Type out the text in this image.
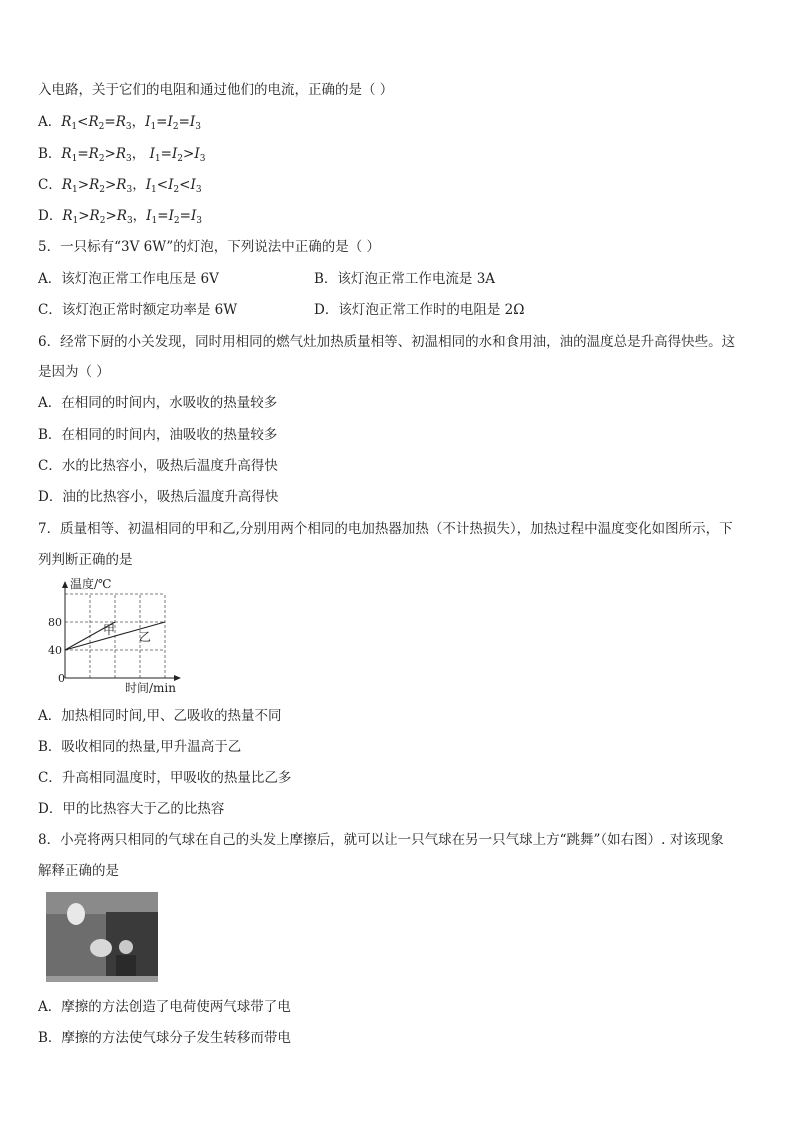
入电路，关于它们的电阻和通过他们的电流，正确的是（ ）
A．$R_1<R_2=R_3$，$I_1=I_2=I_3$
B．$R_1=R_2>R_3$， $I_1=I_2>I_3$
C．$R_1>R_2>R_3$，$I_1<I_2<I_3$
D．$R_1>R_2>R_3$，$I_1=I_2=I_3$
5．一只标有“3V 6W”的灯泡，下列说法中正确的是（ ）
A．该灯泡正常工作电压是 6V	B．该灯泡正常工作电流是 3A
C．该灯泡正常时额定功率是 6W	D．该灯泡正常工作时的电阻是 2Ω
6．经常下厨的小关发现，同时用相同的燃气灶加热质量相等、初温相同的水和食用油，油的温度总是升高得快些。这
是因为（ ）
A．在相同的时间内，水吸收的热量较多
B．在相同的时间内，油吸收的热量较多
C．水的比热容小，吸热后温度升高得快
D．油的比热容小，吸热后温度升高得快
7．质量相等、初温相同的甲和乙,分别用两个相同的电加热器加热（不计热损失），加热过程中温度变化如图所示，下
列判断正确的是
温度/℃
时间/min
0
40
80
甲 乙
A．加热相同时间,甲、乙吸收的热量不同
B．吸收相同的热量,甲升温高于乙
C．升高相同温度时，甲吸收的热量比乙多
D．甲的比热容大于乙的比热容
8．小亮将两只相同的气球在自己的头发上摩擦后，就可以让一只气球在另一只气球上方“跳舞”（如右图）. 对该现象
解释正确的是
A．摩擦的方法创造了电荷使两气球带了电
B．摩擦的方法使气球分子发生转移而带电
